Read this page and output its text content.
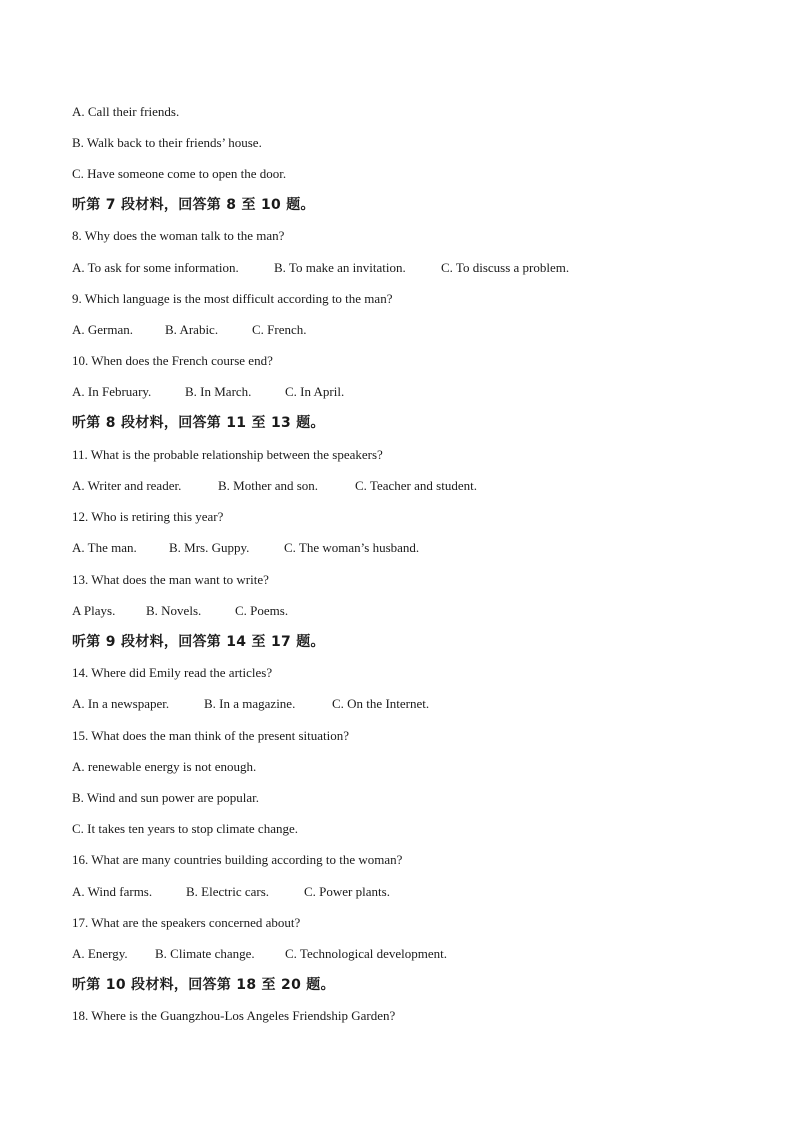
A. Call their friends.
B. Walk back to their friends’ house.
C. Have someone come to open the door.
听第 7 段材料，回答第 8 至 10 题。
8. Why does the woman talk to the man?
A. To ask for some information.	B. To make an invitation.	C. To discuss a problem.
9. Which language is the most difficult according to the man?
A. German. B. Arabic.	C. French.
10. When does the French course end?
A. In February.	B. In March.	C. In April.
听第 8 段材料，回答第 11 至 13 题。
11. What is the probable relationship between the speakers?
A. Writer and reader.	B. Mother and son.	C. Teacher and student.
12. Who is retiring this year?
A. The man. B. Mrs. Guppy.	C. The woman’s husband.
13. What does the man want to write?
A Plays. B. Novels.	C. Poems.
听第 9 段材料，回答第 14 至 17 题。
14. Where did Emily read the articles?
A. In a newspaper.	B. In a magazine.	C. On the Internet.
15. What does the man think of the present situation?
A. renewable energy is not enough.
B. Wind and sun power are popular.
C. It takes ten years to stop climate change.
16. What are many countries building according to the woman?
A. Wind farms.	B. Electric cars.	C. Power plants.
17. What are the speakers concerned about?
A. Energy. B. Climate change. C. Technological development.
听第 10 段材料，回答第 18 至 20 题。
18. Where is the Guangzhou-Los Angeles Friendship Garden?
